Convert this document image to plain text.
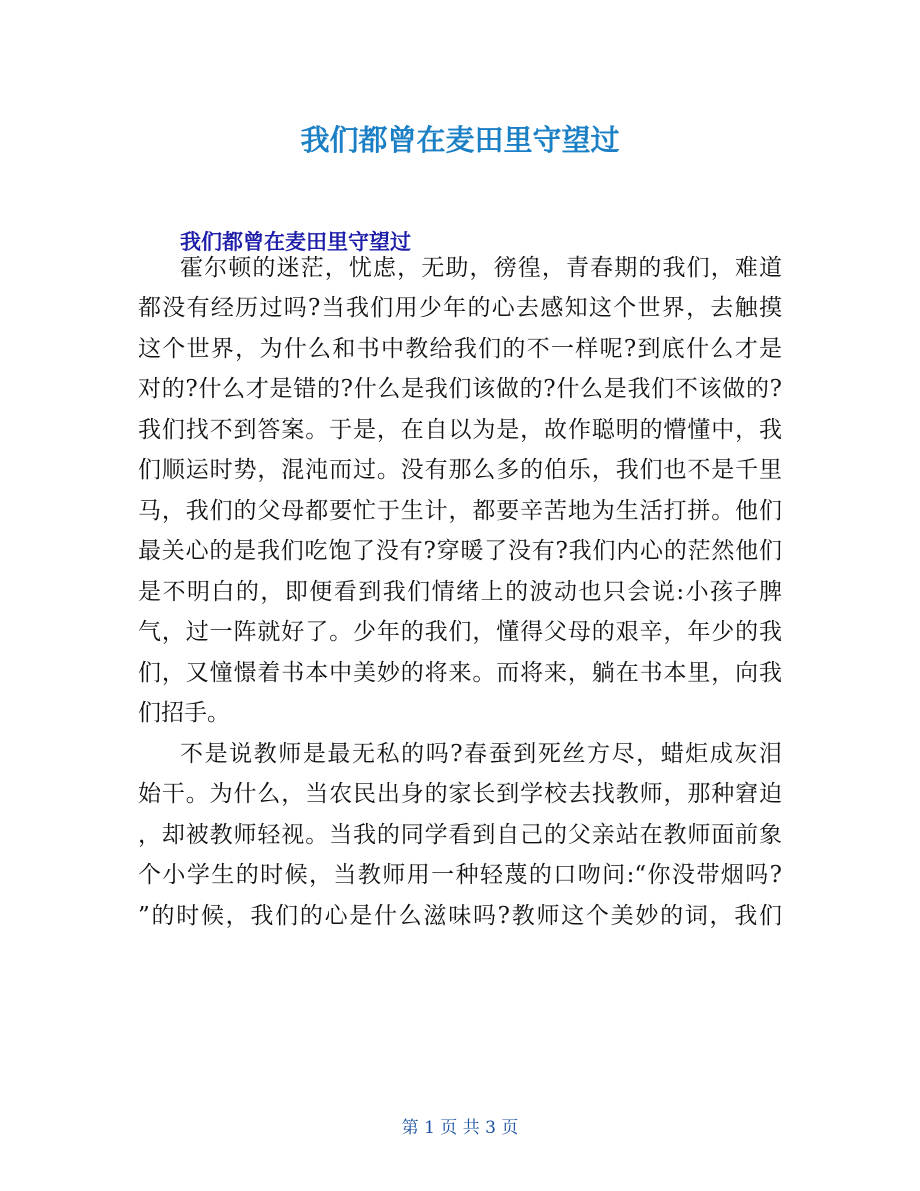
我们都曾在麦田里守望过
我们都曾在麦田里守望过
霍尔顿的迷茫，忧虑，无助，徬徨，青春期的我们，难道
都没有经历过吗?当我们用少年的心去感知这个世界，去触摸
这个世界，为什么和书中教给我们的不一样呢?到底什么才是
对的?什么才是错的?什么是我们该做的?什么是我们不该做的?
我们找不到答案。于是，在自以为是，故作聪明的懵懂中，我
们顺运时势，混沌而过。没有那么多的伯乐，我们也不是千里
马，我们的父母都要忙于生计，都要辛苦地为生活打拼。他们
最关心的是我们吃饱了没有?穿暖了没有?我们内心的茫然他们
是不明白的，即便看到我们情绪上的波动也只会说:小孩子脾
气，过一阵就好了。少年的我们，懂得父母的艰辛，年少的我
们，又憧憬着书本中美妙的将来。而将来，躺在书本里，向我
们招手。
不是说教师是最无私的吗?春蚕到死丝方尽，蜡炬成灰泪
始干。为什么，当农民出身的家长到学校去找教师，那种窘迫
，却被教师轻视。当我的同学看到自己的父亲站在教师面前象
个小学生的时候，当教师用一种轻蔑的口吻问:“你没带烟吗?
”的时候，我们的心是什么滋味吗?教师这个美妙的词，我们
第 1 页 共 3 页
